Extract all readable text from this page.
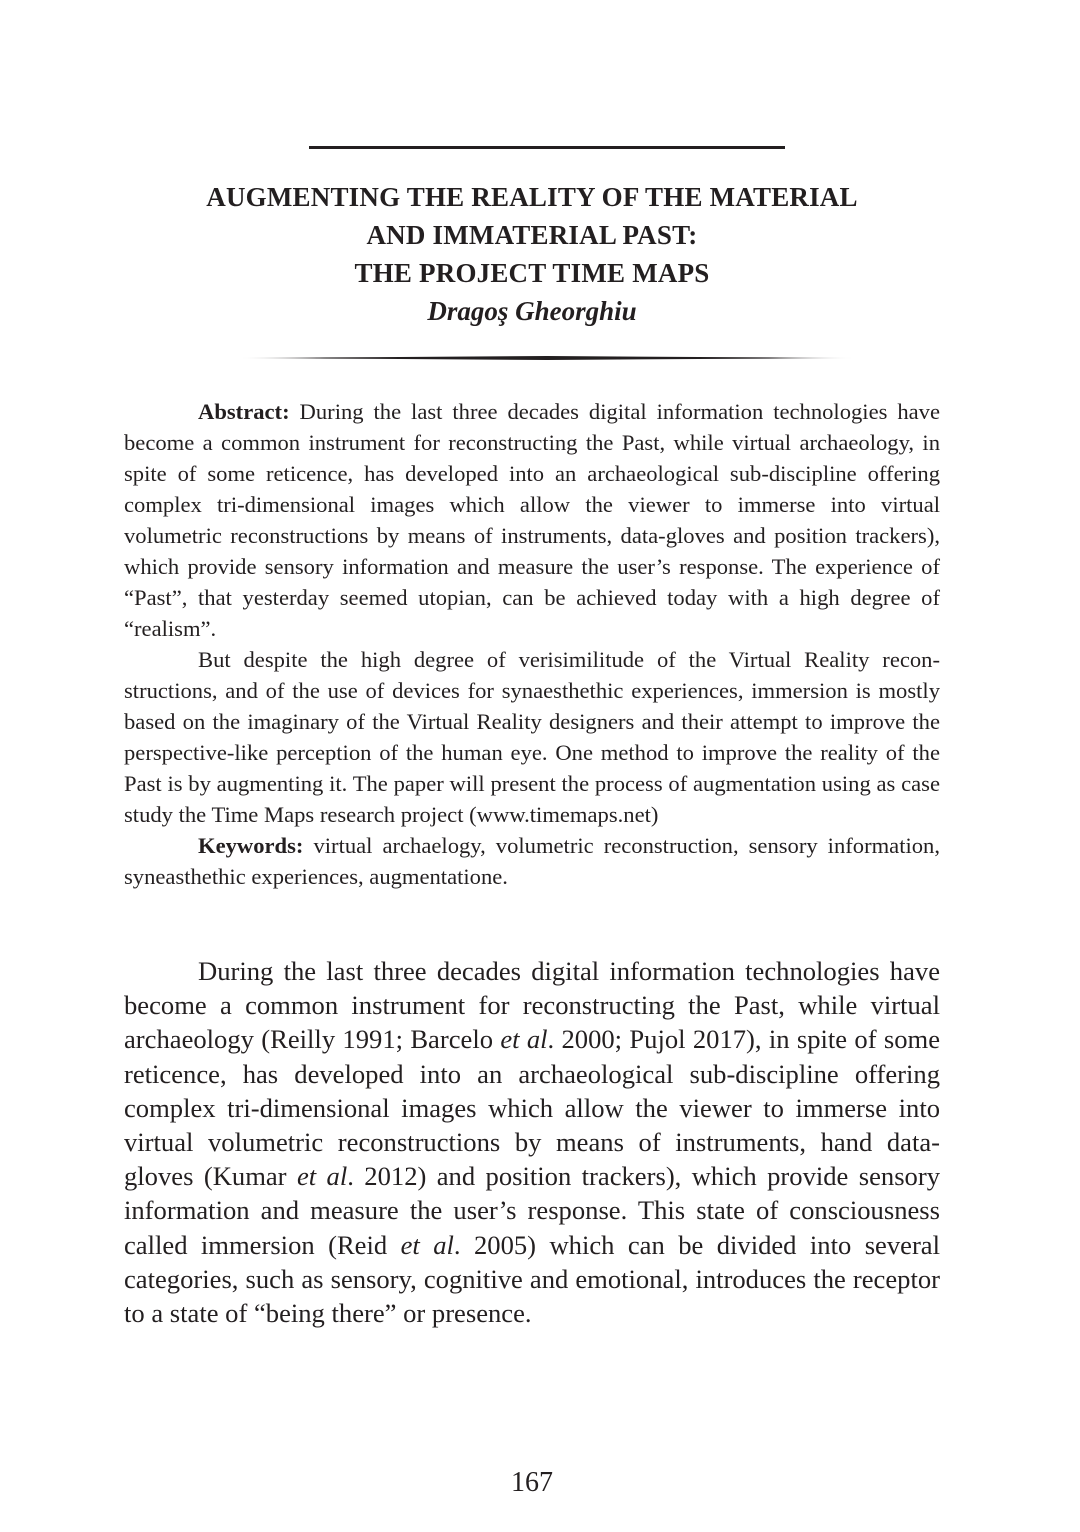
AUGMENTING THE REALITY OF THE MATERIAL
AND IMMATERIAL PAST:
THE PROJECT TIME MAPS
Dragoş Gheorghiu

Abstract: During the last three decades digital information technologies have become a common instrument for reconstructing the Past, while virtual archaeology, in spite of some reticence, has developed into an archaeological sub-discipline offering complex tri-dimensional images which allow the viewer to immerse into virtual volumetric reconstructions by means of instruments, data-gloves and position trackers), which provide sensory information and measure the user’s response. The experience of “Past”, that yesterday seemed utopian, can be achieved today with a high degree of “realism”.

But despite the high degree of verisimilitude of the Virtual Reality reconstructions, and of the use of devices for synaesthethic experiences, immersion is mostly based on the imaginary of the Virtual Reality designers and their attempt to improve the perspective-like perception of the human eye. One method to improve the reality of the Past is by augmenting it. The paper will present the process of augmentation using as case study the Time Maps research project (www.timemaps.net)

Keywords: virtual archaelogy, volumetric reconstruction, sensory information, syneasthethic experiences, augmentatione.

During the last three decades digital information technologies have become a common instrument for reconstructing the Past, while virtual archaeology (Reilly 1991; Barcelo et al. 2000; Pujol 2017), in spite of some reticence, has developed into an archaeological sub-discipline offering complex tri-dimensional images which allow the viewer to immerse into virtual volumetric reconstructions by means of instruments, hand data-gloves (Kumar et al. 2012) and position trackers), which provide sensory information and measure the user’s response. This state of consciousness called immersion (Reid et al. 2005) which can be divided into several categories, such as sensory, cognitive and emotional, introduces the receptor to a state of “being there” or presence.

167
